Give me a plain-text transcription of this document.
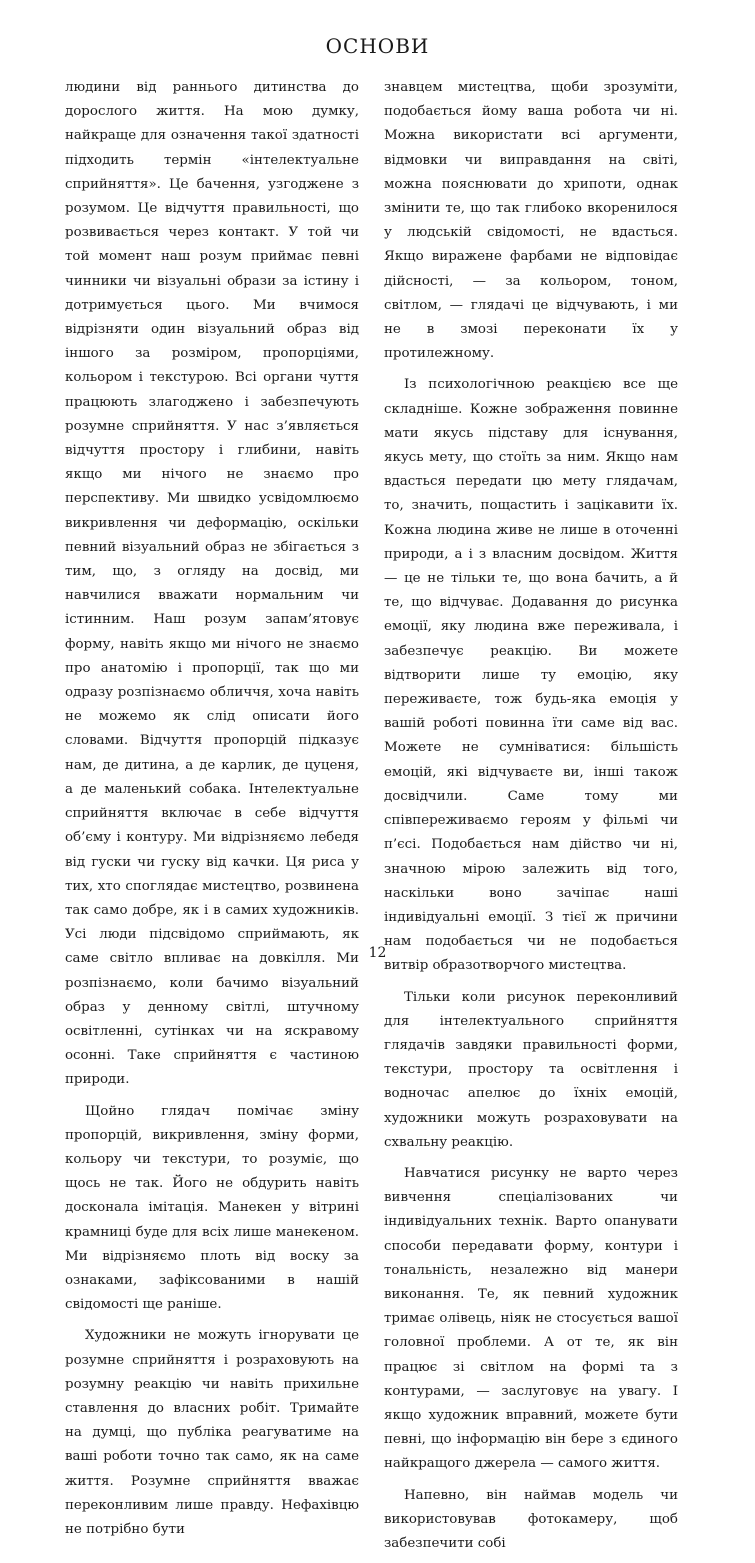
ОСНОВИ

людини від раннього дитинства до дорослого життя. На мою думку, найкраще для означення такої здатності підходить термін «інтелектуальне сприйняття». Це бачення, узгоджене з розумом. Це відчуття правильності, що розвивається через контакт. У той чи той момент наш розум приймає певні чинники чи візуальні образи за істину і дотримується цього. Ми вчимося відрізняти один візуальний образ від іншого за розміром, пропорціями, кольором і текстурою. Всі органи чуття працюють злагоджено і забезпечують розумне сприйняття. У нас з’являється відчуття простору і глибини, навіть якщо ми нічого не знаємо про перспективу. Ми швидко усвідомлюємо викривлення чи деформацію, оскільки певний візуальний образ не збігається з тим, що, з огляду на досвід, ми навчилися вважати нормальним чи істинним. Наш розум запам’ятовує форму, навіть якщо ми нічого не знаємо про анатомію і пропорції, так що ми одразу розпізнаємо обличчя, хоча навіть не можемо як слід описати його словами. Відчуття пропорцій підказує нам, де дитина, а де карлик, де цуценя, а де маленький собака. Інтелектуальне сприйняття включає в себе відчуття об’єму і контуру. Ми відрізняємо лебедя від гуски чи гуску від качки. Ця риса у тих, хто споглядає мистецтво, розвинена так само добре, як і в самих художників. Усі люди підсвідомо сприймають, як саме світло впливає на довкілля. Ми розпізнаємо, коли бачимо візуальний образ у денному світлі, штучному освітленні, сутінках чи на яскравому осонні. Таке сприйняття є частиною природи.

Щойно глядач помічає зміну пропорцій, викривлення, зміну форми, кольору чи текстури, то розуміє, що щось не так. Його не обдурить навіть досконала імітація. Манекен у вітрині крамниці буде для всіх лише манекеном. Ми відрізняємо плоть від воску за ознаками, зафіксованими в нашій свідомості ще раніше.

Художники не можуть ігнорувати це розумне сприйняття і розраховують на розумну реакцію чи навіть прихильне ставлення до власних робіт. Тримайте на думці, що публіка реагуватиме на ваші роботи точно так само, як на саме життя. Розумне сприйняття вважає переконливим лише правду. Нефахівцю не потрібно бути

знавцем мистецтва, щоби зрозуміти, подобається йому ваша робота чи ні. Можна використати всі аргументи, відмовки чи виправдання на світі, можна пояснювати до хрипоти, однак змінити те, що так глибоко вкоренилося у людській свідомості, не вдасться. Якщо виражене фарбами не відповідає дійсності, — за кольором, тоном, світлом, — глядачі це відчувають, і ми не в змозі переконати їх у протилежному.

Із психологічною реакцією все ще складніше. Кожне зображення повинне мати якусь підставу для існування, якусь мету, що стоїть за ним. Якщо нам вдасться передати цю мету глядачам, то, значить, пощастить і зацікавити їх. Кожна людина живе не лише в оточенні природи, а і з власним досвідом. Життя — це не тільки те, що вона бачить, а й те, що відчуває. Додавання до рисунка емоції, яку людина вже переживала, і забезпечує реакцію. Ви можете відтворити лише ту емоцію, яку переживаєте, тож будь-яка емоція у вашій роботі повинна їти саме від вас. Можете не сумніватися: більшість емоцій, які відчуваєте ви, інші також досвідчили. Саме тому ми співпереживаємо героям у фільмі чи п’єсі. Подобається нам дійство чи ні, значною мірою залежить від того, наскільки воно зачіпає наші індивідуальні емоції. З тієї ж причини нам подобається чи не подобається витвір образотворчого мистецтва.

Тільки коли рисунок переконливий для інтелектуального сприйняття глядачів завдяки правильності форми, текстури, простору та освітлення і водночас апелює до їхніх емоцій, художники можуть розраховувати на схвальну реакцію.

Навчатися рисунку не варто через вивчення спеціалізованих чи індивідуальних технік. Варто опанувати способи передавати форму, контури і тональність, незалежно від манери виконання. Те, як певний художник тримає олівець, ніяк не стосується вашої головної проблеми. А от те, як він працює зі світлом на формі та з контурами, — заслуговує на увагу. І якщо художник вправний, можете бути певні, що інформацію він бере з єдиного найкращого джерела — самого життя.

Напевно, він наймав модель чи використовував фотокамеру, щоб забезпечити собі

12
